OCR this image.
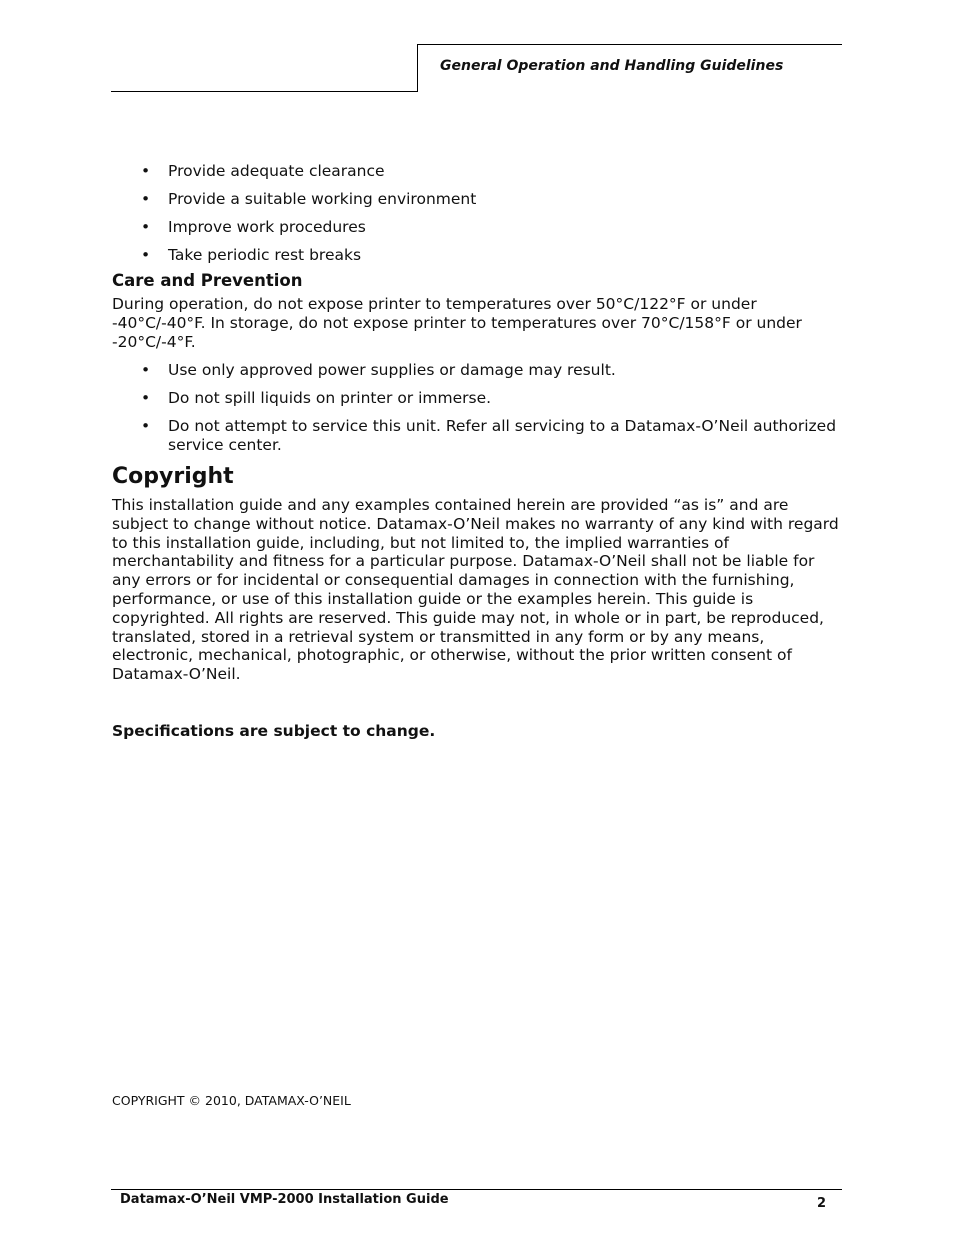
General Operation and Handling Guidelines
• Provide adequate clearance
• Provide a suitable working environment
• Improve work procedures
• Take periodic rest breaks
Care and Prevention

During operation, do not expose printer to temperatures over 50°C/122°F or under -40°C/-40°F. In storage, do not expose printer to temperatures over 70°C/158°F or under -20°C/-4°F.

• Use only approved power supplies or damage may result.
• Do not spill liquids on printer or immerse.
• Do not attempt to service this unit. Refer all servicing to a Datamax-O’Neil authorized service center.
Copyright

This installation guide and any examples contained herein are provided “as is” and are subject to change without notice. Datamax-O’Neil makes no warranty of any kind with regard to this installation guide, including, but not limited to, the implied warranties of merchantability and fitness for a particular purpose. Datamax-O’Neil shall not be liable for any errors or for incidental or consequential damages in connection with the furnishing, performance, or use of this installation guide or the examples herein. This guide is copyrighted. All rights are reserved. This guide may not, in whole or in part, be reproduced, translated, stored in a retrieval system or transmitted in any form or by any means, electronic, mechanical, photographic, or otherwise, without the prior written consent of Datamax-O’Neil.

Specifications are subject to change.

COPYRIGHT © 2010, DATAMAX-O’NEIL
Datamax-O’Neil VMP-2000 Installation Guide	2
